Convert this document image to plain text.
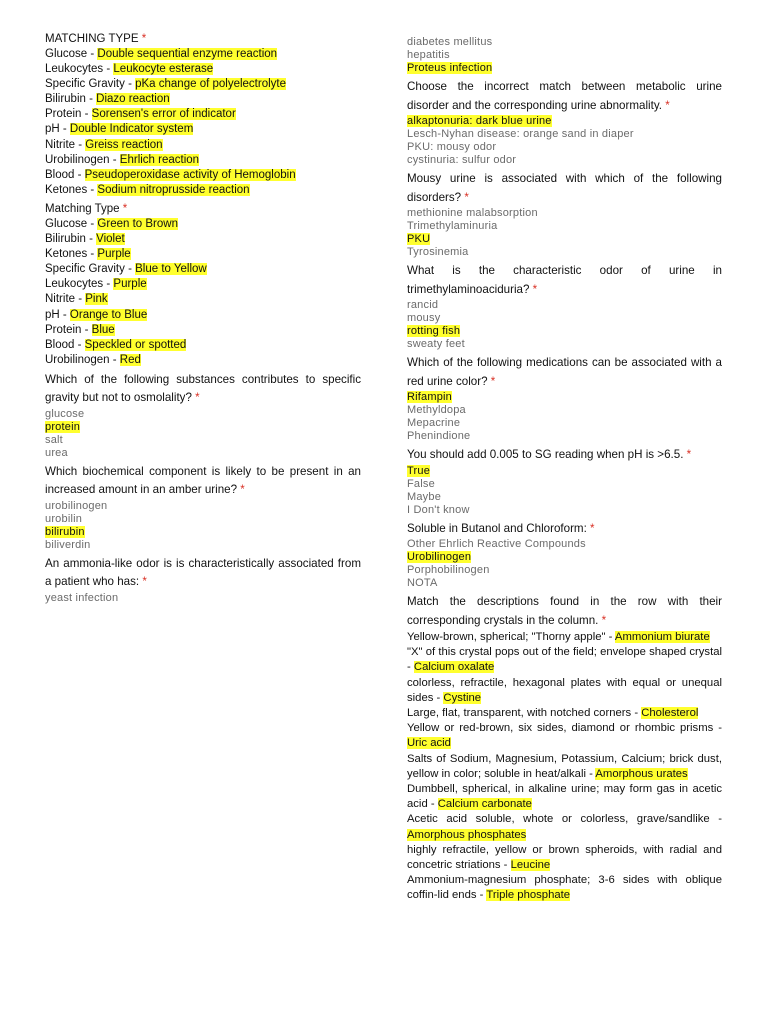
MATCHING TYPE *

Glucose - Double sequential enzyme reaction

Leukocytes - Leukocyte esterase

Specific Gravity - pKa change of polyelectrolyte

Bilirubin - Diazo reaction

Protein - Sorensen's error of indicator

pH - Double Indicator system

Nitrite - Greiss reaction

Urobilinogen - Ehrlich reaction

Blood - Pseudoperoxidase activity of Hemoglobin

Ketones - Sodium nitroprusside reaction

Matching Type *

Glucose - Green to Brown

Bilirubin - Violet

Ketones - Purple

Specific Gravity - Blue to Yellow

Leukocytes - Purple

Nitrite - Pink

pH - Orange to Blue

Protein - Blue

Blood - Speckled or spotted

Urobilinogen - Red

Which of the following substances contributes to specific gravity but not to osmolality? *

glucose

protein

salt

urea

Which biochemical component is likely to be present in an increased amount in an amber urine? *

urobilinogen

urobilin

bilirubin

biliverdin

An ammonia-like odor is is characteristically associated from a patient who has: *

yeast infection

diabetes mellitus

hepatitis

Proteus infection

Choose the incorrect match between metabolic urine disorder and the corresponding urine abnormality. *

alkaptonuria: dark blue urine

Lesch-Nyhan disease: orange sand in diaper

PKU: mousy odor

cystinuria: sulfur odor

Mousy urine is associated with which of the following disorders? *

methionine malabsorption

Trimethylaminuria

PKU

Tyrosinemia

What is the characteristic odor of urine in trimethylaminoaciduria? *

rancid

mousy

rotting fish

sweaty feet

Which of the following medications can be associated with a red urine color? *

Rifampin

Methyldopa

Mepacrine

Phenindione

You should add 0.005 to SG reading when pH is >6.5. *

True

False

Maybe

I Don't know

Soluble in Butanol and Chloroform: *

Other Ehrlich Reactive Compounds

Urobilinogen

Porphobilinogen

NOTA

Match the descriptions found in the row with their corresponding crystals in the column. *

Yellow-brown, spherical; "Thorny apple" - Ammonium biurate

"X" of this crystal pops out of the field; envelope shaped crystal - Calcium oxalate

colorless, refractile, hexagonal plates with equal or unequal sides - Cystine

Large, flat, transparent, with notched corners - Cholesterol

Yellow or red-brown, six sides, diamond or rhombic prisms - Uric acid

Salts of Sodium, Magnesium, Potassium, Calcium; brick dust, yellow in color; soluble in heat/alkali - Amorphous urates

Dumbbell, spherical, in alkaline urine; may form gas in acetic acid - Calcium carbonate

Acetic acid soluble, whote or colorless, grave/sandlike - Amorphous phosphates

highly refractile, yellow or brown spheroids, with radial and concetric striations - Leucine

Ammonium-magnesium phosphate; 3-6 sides with oblique coffin-lid ends - Triple phosphate
